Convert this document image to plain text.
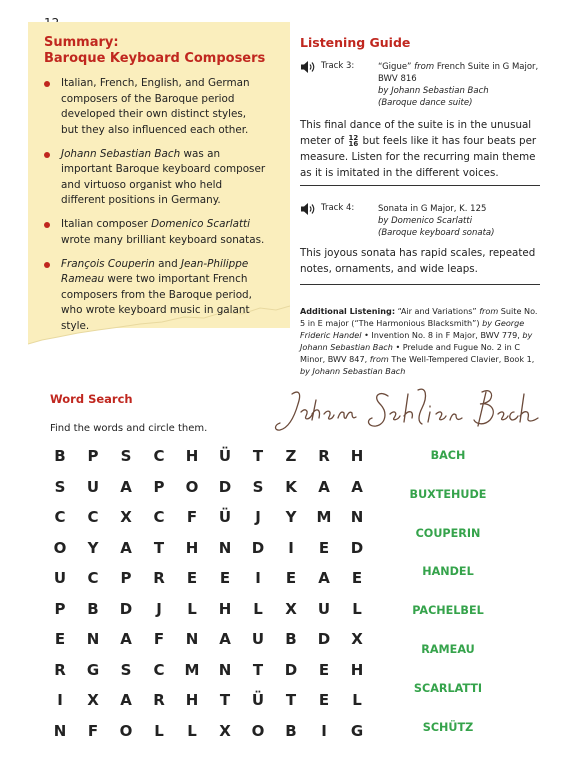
Summary:
Baroque Keyboard Composers
Italian, French, English, and German composers of the Baroque period developed their own distinct styles, but they also influenced each other.
Johann Sebastian Bach was an important Baroque keyboard composer and virtuoso organist who held different positions in Germany.
Italian composer Domenico Scarlatti wrote many brilliant keyboard sonatas.
François Couperin and Jean-Philippe Rameau were two important French composers from the Baroque period, who wrote keyboard music in galant style.
Listening Guide
Track 3:	“Gigue” from French Suite in G Major,
BWV 816
by Johann Sebastian Bach
(Baroque dance suite)
This final dance of the suite is in the unusual meter of 12
16 but feels like it has four beats per measure. Listen for the recurring main theme as it is imitated in the different voices.
Track 4:	Sonata in G Major, K. 125
by Domenico Scarlatti
(Baroque keyboard sonata)
This joyous sonata has rapid scales, repeated notes, ornaments, and wide leaps.
Additional Listening: “Air and Variations” from Suite No. 5 in E major (“The Harmonious Blacksmith”) by George Frideric Handel • Invention No. 8 in F Major, BWV 779, by Johann Sebastian Bach • Prelude and Fugue No. 2 in C Minor, BWV 847, from The Well-Tempered Clavier, Book 1, by Johann Sebastian Bach
Word Search
Find the words and circle them.
B	P	S	C	H	Ü	T	Z	R	H
S	U	A	P	O	D	S	K	A	A
C	C	X	C	F	Ü	J	Y	M	N
O	Y	A	T	H	N	D	I	E	D
U	C	P	R	E	E	I	E	A	E
P	B	D	J	L	H	L	X	U	L
E	N	A	F	N	A	U	B	D	X
R	G	S	C	M	N	T	D	E	H
I	X	A	R	H	T	Ü	T	E	L
N	F	O	L	L	X	O	B	I	G
BACH
BUXTEHUDE
COUPERIN
HANDEL
PACHELBEL
RAMEAU
SCARLATTI
SCHÜTZ
